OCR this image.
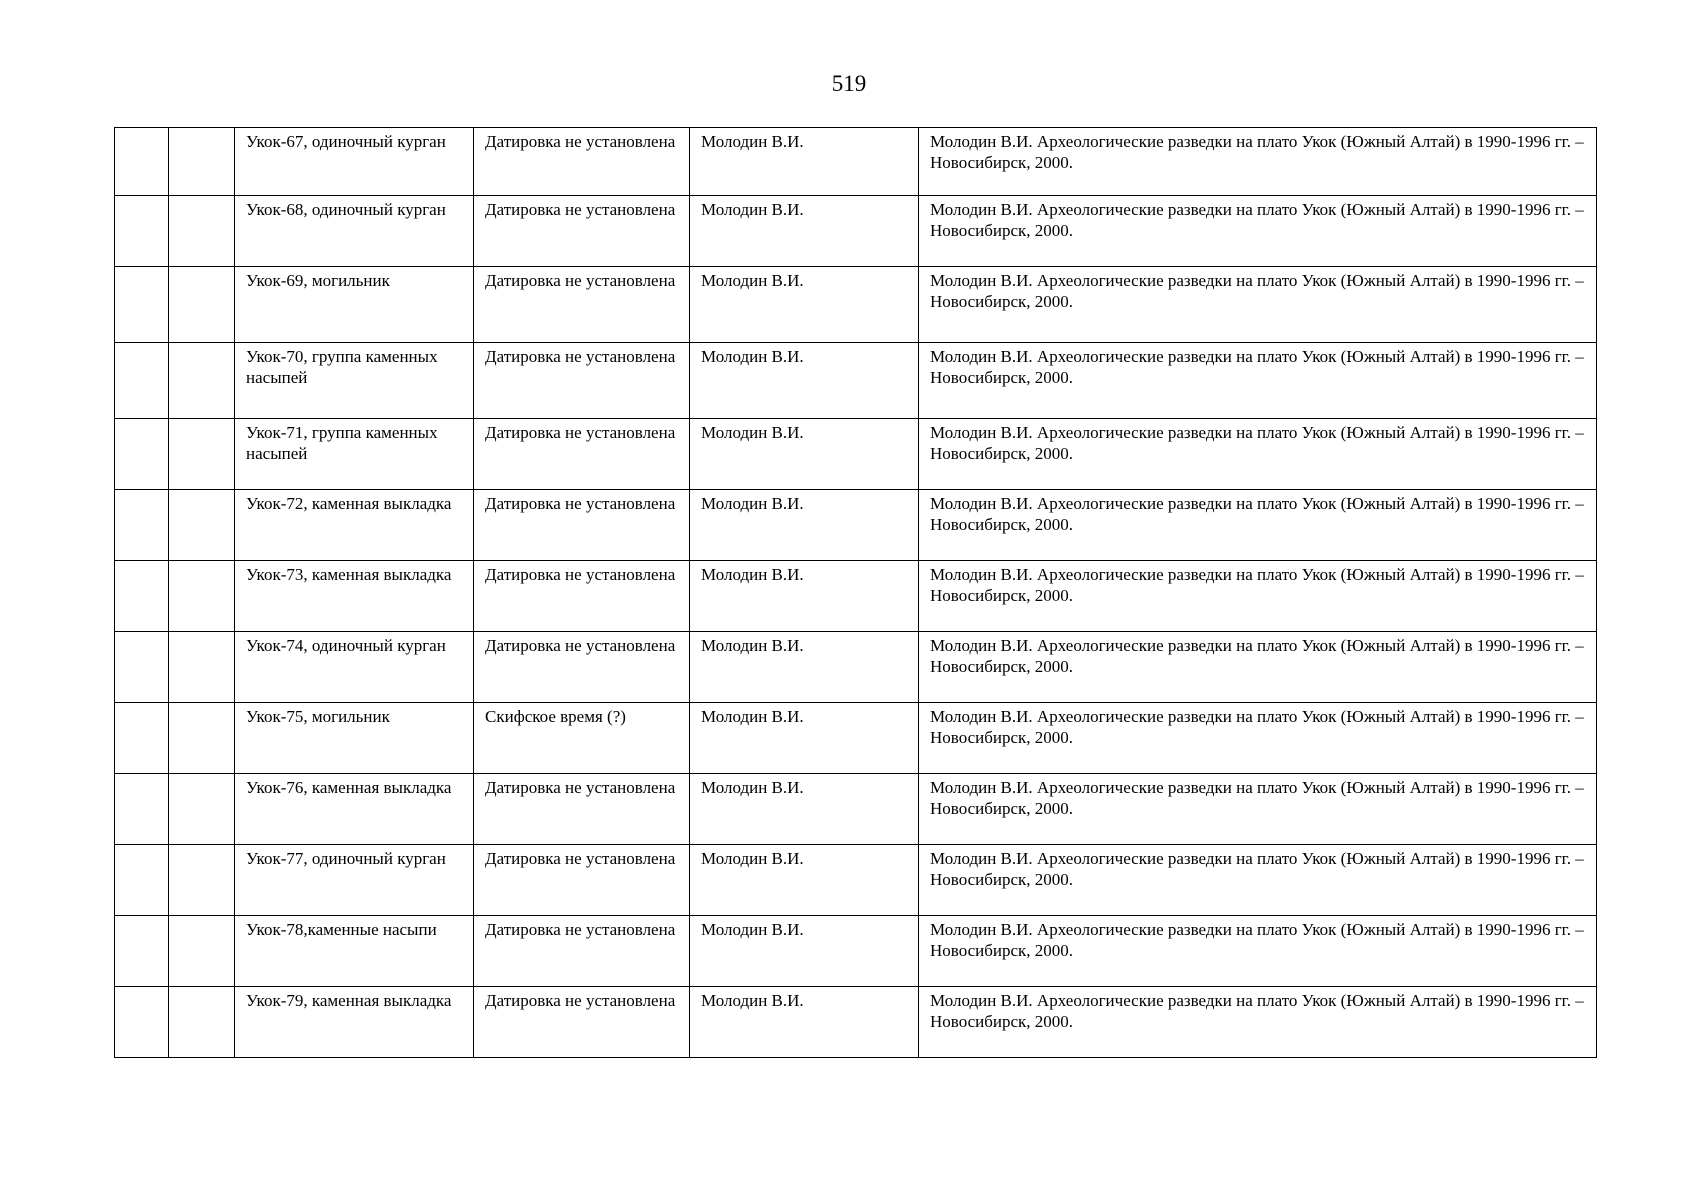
519
		Укок-67, одиночный курган	Датировка не установлена	Молодин В.И.	Молодин В.И. Археологические разведки на плато Укок (Южный Алтай) в 1990-1996 гг. – Новосибирск, 2000.
		Укок-68, одиночный курган	Датировка не установлена	Молодин В.И.	Молодин В.И. Археологические разведки на плато Укок (Южный Алтай) в 1990-1996 гг. – Новосибирск, 2000.
		Укок-69, могильник	Датировка не установлена	Молодин В.И.	Молодин В.И. Археологические разведки на плато Укок (Южный Алтай) в 1990-1996 гг. – Новосибирск, 2000.
		Укок-70, группа каменных насыпей	Датировка не установлена	Молодин В.И.	Молодин В.И. Археологические разведки на плато Укок (Южный Алтай) в 1990-1996 гг. – Новосибирск, 2000.
		Укок-71, группа каменных насыпей	Датировка не установлена	Молодин В.И.	Молодин В.И. Археологические разведки на плато Укок (Южный Алтай) в 1990-1996 гг. – Новосибирск, 2000.
		Укок-72, каменная выкладка	Датировка не установлена	Молодин В.И.	Молодин В.И. Археологические разведки на плато Укок (Южный Алтай) в 1990-1996 гг. – Новосибирск, 2000.
		Укок-73, каменная выкладка	Датировка не установлена	Молодин В.И.	Молодин В.И. Археологические разведки на плато Укок (Южный Алтай) в 1990-1996 гг. – Новосибирск, 2000.
		Укок-74, одиночный курган	Датировка не установлена	Молодин В.И.	Молодин В.И. Археологические разведки на плато Укок (Южный Алтай) в 1990-1996 гг. – Новосибирск, 2000.
		Укок-75, могильник	Скифское время (?)	Молодин В.И.	Молодин В.И. Археологические разведки на плато Укок (Южный Алтай) в 1990-1996 гг. – Новосибирск, 2000.
		Укок-76, каменная выкладка	Датировка не установлена	Молодин В.И.	Молодин В.И. Археологические разведки на плато Укок (Южный Алтай) в 1990-1996 гг. – Новосибирск, 2000.
		Укок-77, одиночный курган	Датировка не установлена	Молодин В.И.	Молодин В.И. Археологические разведки на плато Укок (Южный Алтай) в 1990-1996 гг. – Новосибирск, 2000.
		Укок-78,каменные насыпи	Датировка не установлена	Молодин В.И.	Молодин В.И. Археологические разведки на плато Укок (Южный Алтай) в 1990-1996 гг. – Новосибирск, 2000.
		Укок-79, каменная выкладка	Датировка не установлена	Молодин В.И.	Молодин В.И. Археологические разведки на плато Укок (Южный Алтай) в 1990-1996 гг. – Новосибирск, 2000.
